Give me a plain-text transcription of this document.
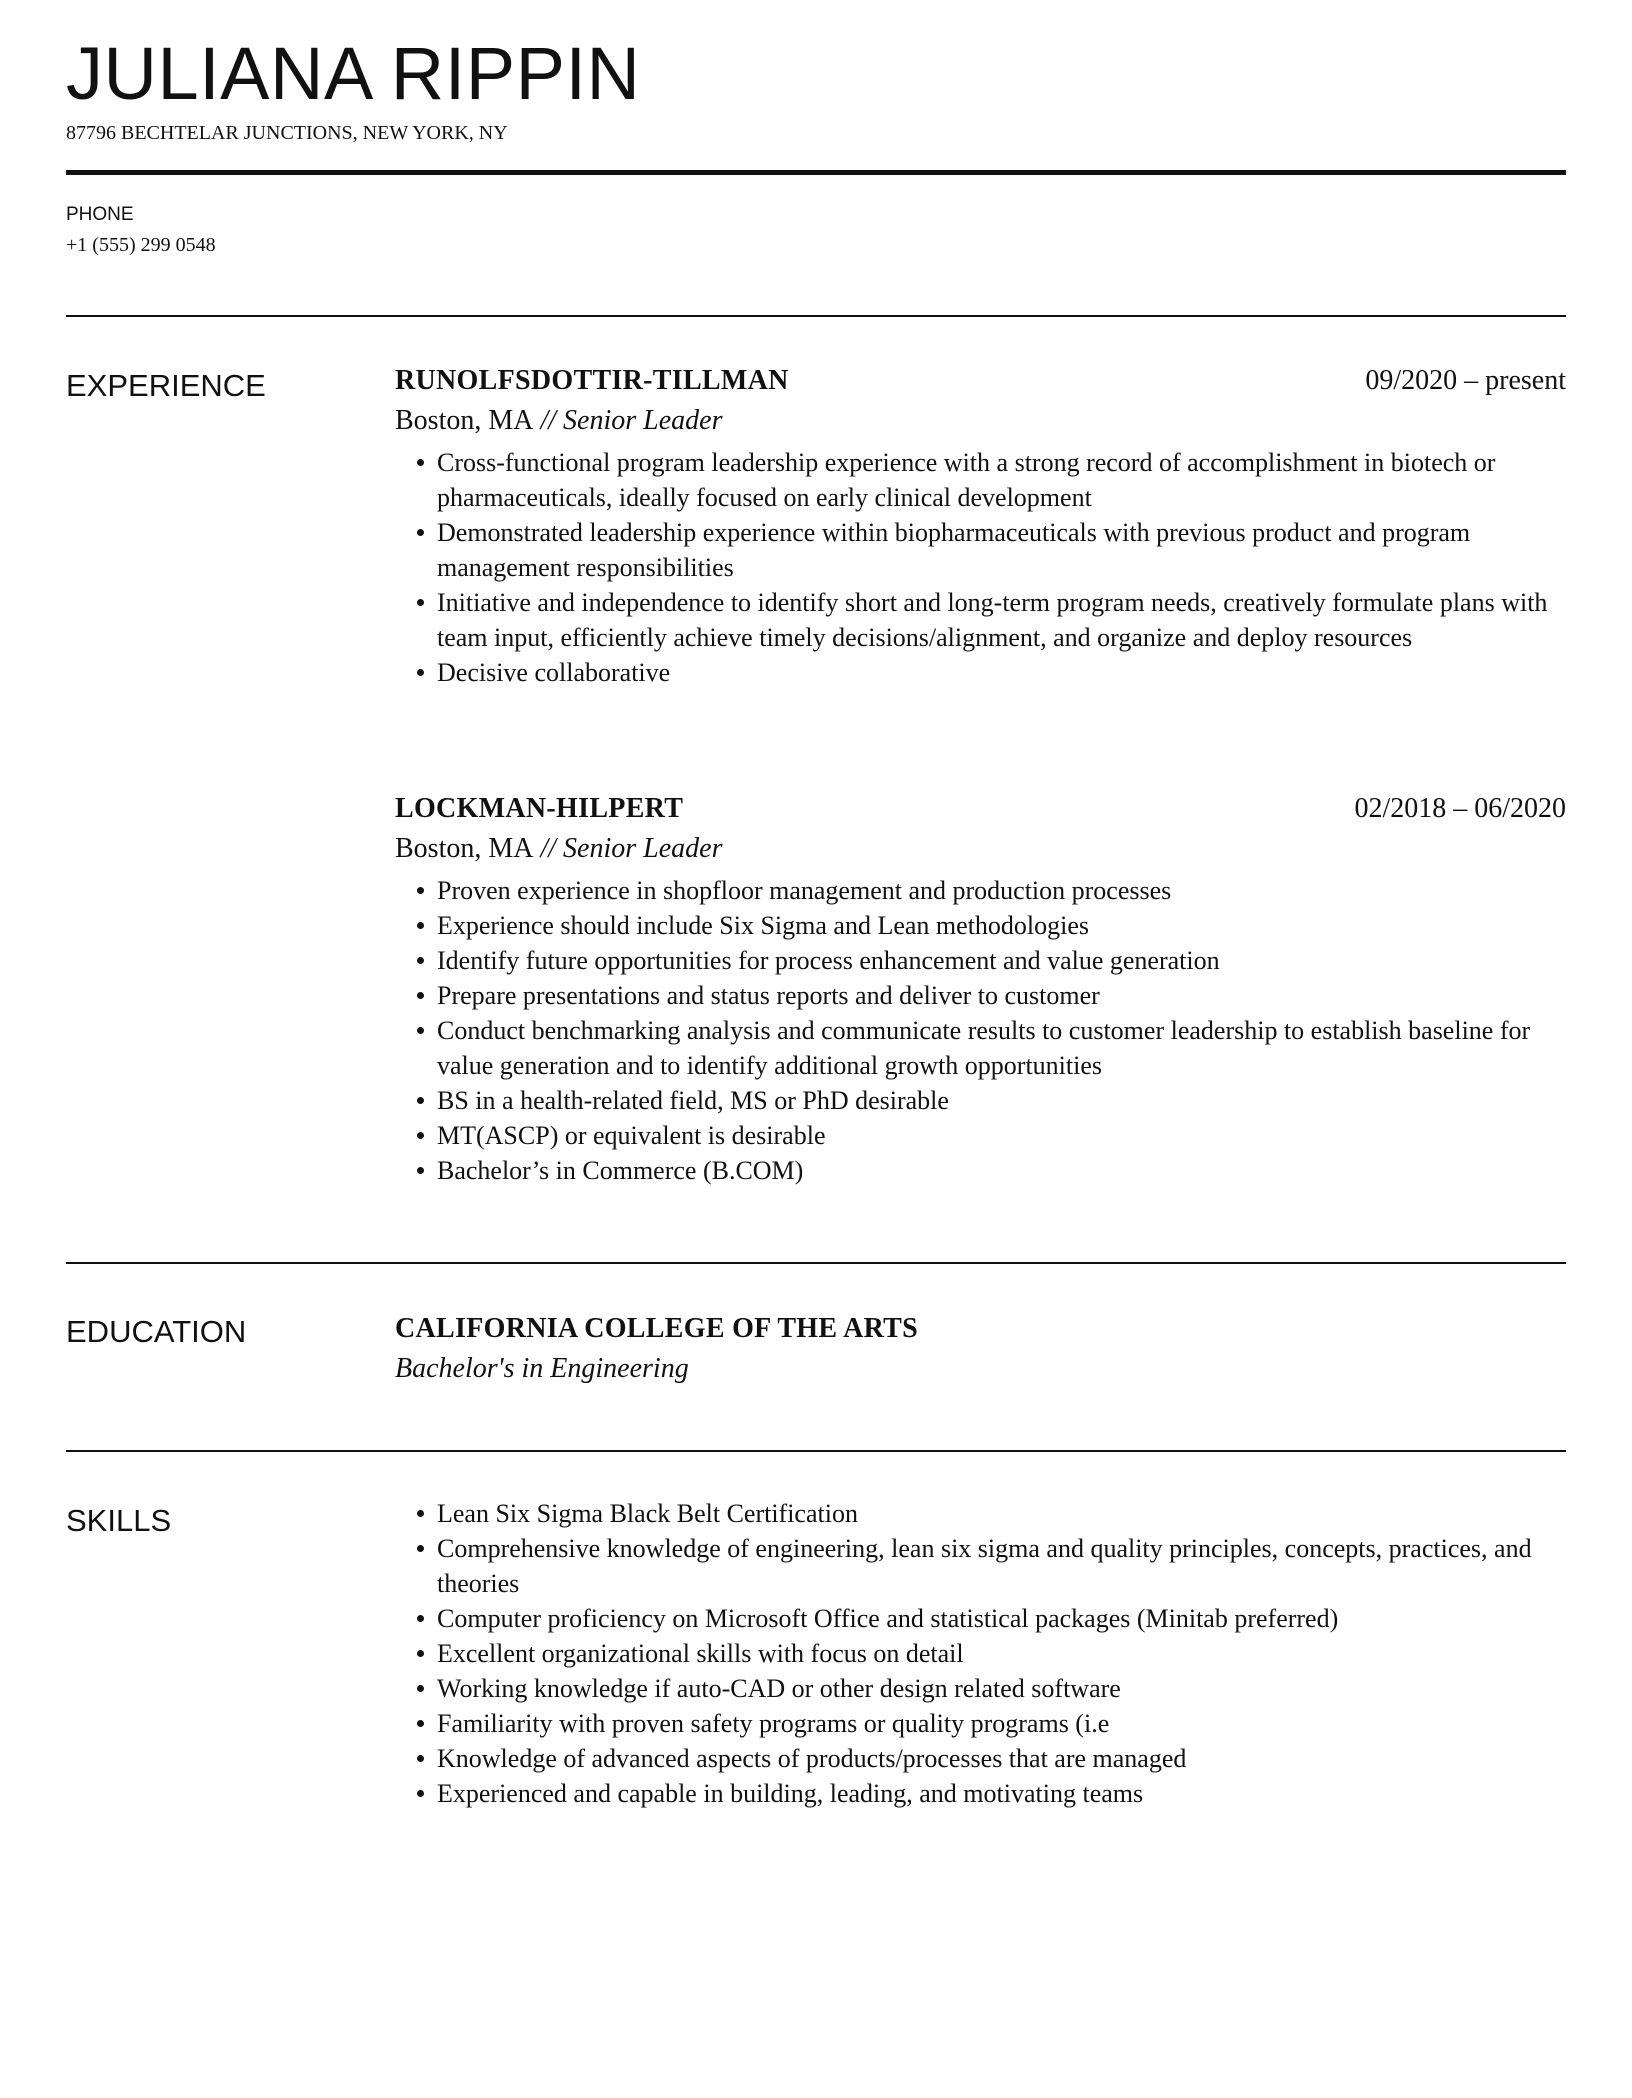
JULIANA RIPPIN
87796 BECHTELAR JUNCTIONS, NEW YORK, NY
PHONE
+1 (555) 299 0548
EXPERIENCE	RUNOLFSDOTTIR-TILLMAN	09/2020 – present
Boston, MA // Senior Leader
Cross-functional program leadership experience with a strong record of accomplishment in biotech or pharmaceuticals, ideally focused on early clinical development
Demonstrated leadership experience within biopharmaceuticals with previous product and program management responsibilities
Initiative and independence to identify short and long-term program needs, creatively formulate plans with team input, efficiently achieve timely decisions/alignment, and organize and deploy resources
Decisive collaborative
LOCKMAN-HILPERT	02/2018 – 06/2020
Boston, MA // Senior Leader
Proven experience in shopfloor management and production processes
Experience should include Six Sigma and Lean methodologies
Identify future opportunities for process enhancement and value generation
Prepare presentations and status reports and deliver to customer
Conduct benchmarking analysis and communicate results to customer leadership to establish baseline for value generation and to identify additional growth opportunities
BS in a health-related field, MS or PhD desirable
MT(ASCP) or equivalent is desirable
Bachelor’s in Commerce (B.COM)
EDUCATION	CALIFORNIA COLLEGE OF THE ARTS
Bachelor's in Engineering
SKILLS	Lean Six Sigma Black Belt Certification
Comprehensive knowledge of engineering, lean six sigma and quality principles, concepts, practices, and theories
Computer proficiency on Microsoft Office and statistical packages (Minitab preferred)
Excellent organizational skills with focus on detail
Working knowledge if auto-CAD or other design related software
Familiarity with proven safety programs or quality programs (i.e
Knowledge of advanced aspects of products/processes that are managed
Experienced and capable in building, leading, and motivating teams
